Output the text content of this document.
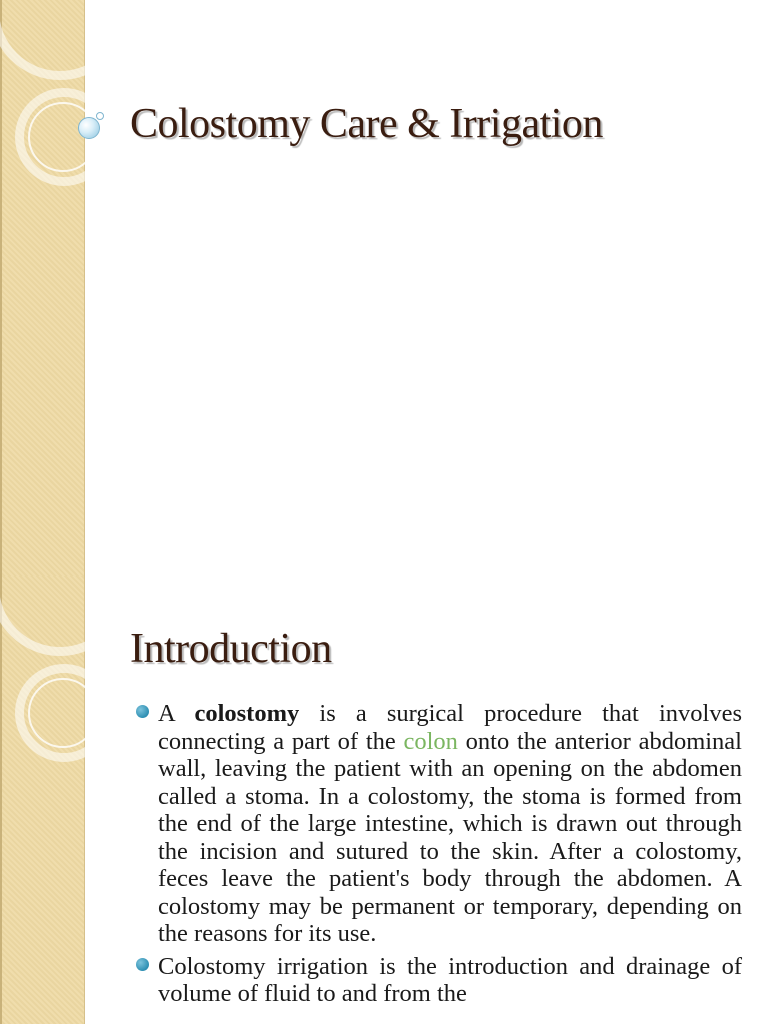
Colostomy Care & Irrigation
Introduction
A colostomy is a surgical procedure that involves connecting a part of the colon onto the anterior abdominal wall, leaving the patient with an opening on the abdomen called a stoma. In a colostomy, the stoma is formed from the end of the large intestine, which is drawn out through the incision and sutured to the skin. After a colostomy, feces leave the patient's body through the abdomen. A colostomy may be permanent or temporary, depending on the reasons for its use.
Colostomy irrigation is the introduction and drainage of volume of fluid to and from the
